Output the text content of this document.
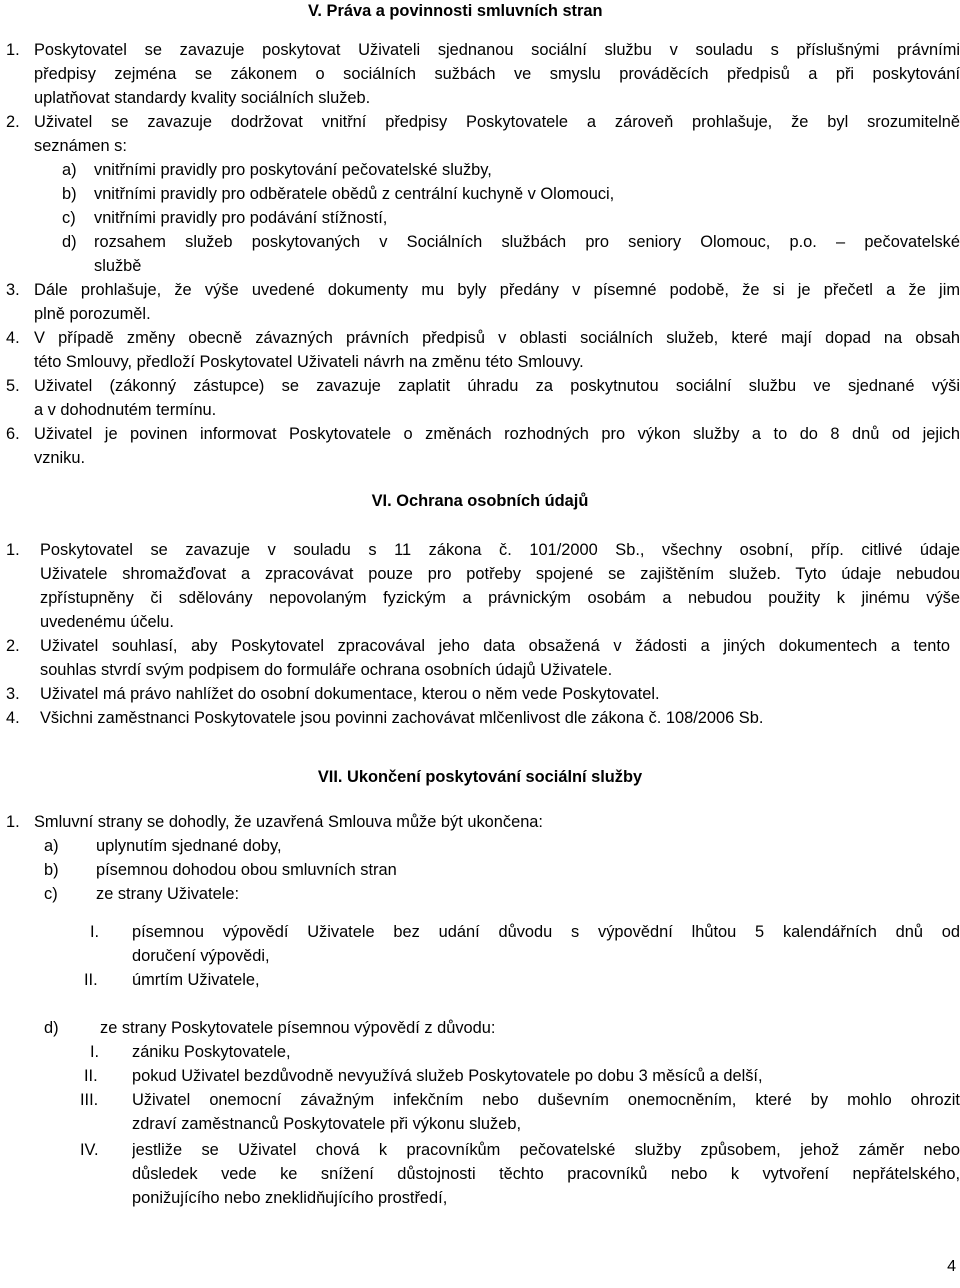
V. Práva a povinnosti smluvních stran
1. Poskytovatel se zavazuje poskytovat Uživateli sjednanou sociální službu v souladu s příslušnými právními
předpisy zejména se zákonem o sociálních sužbách ve smyslu prováděcích předpisů a při poskytování
uplatňovat standardy kvality sociálních služeb.
2. Uživatel se zavazuje dodržovat vnitřní předpisy Poskytovatele a zároveň prohlašuje, že byl srozumitelně
seznámen s:
a) vnitřními pravidly pro poskytování pečovatelské služby,
b) vnitřními pravidly pro odběratele obědů z centrální kuchyně v Olomouci,
c) vnitřními pravidly pro podávání stížností,
d) rozsahem služeb poskytovaných v Sociálních službách pro seniory Olomouc, p.o. – pečovatelské
službě
3. Dále prohlašuje, že výše uvedené dokumenty mu byly předány v písemné podobě, že si je přečetl a že jim
plně porozuměl.
4. V případě změny obecně závazných právních předpisů v oblasti sociálních služeb, které mají dopad na obsah
této Smlouvy, předloží Poskytovatel Uživateli návrh na změnu této Smlouvy.
5. Uživatel (zákonný zástupce) se zavazuje zaplatit úhradu za poskytnutou sociální službu ve sjednané výši
a v dohodnutém termínu.
6. Uživatel je povinen informovat Poskytovatele o změnách rozhodných pro výkon služby a to do 8 dnů od jejich
vzniku.
VI. Ochrana osobních údajů
1. Poskytovatel se zavazuje v souladu s 11 zákona č. 101/2000 Sb., všechny osobní, příp. citlivé údaje
Uživatele shromažďovat a zpracovávat pouze pro potřeby spojené se zajištěním služeb. Tyto údaje nebudou
zpřístupněny či sdělovány nepovolaným fyzickým a právnickým osobám a nebudou použity k jinému výše
uvedenému účelu.
2. Uživatel souhlasí, aby Poskytovatel zpracovával jeho data obsažená v žádosti a jiných dokumentech a tento
souhlas stvrdí svým podpisem do formuláře ochrana osobních údajů Uživatele.
3. Uživatel má právo nahlížet do osobní dokumentace, kterou o něm vede Poskytovatel.
4. Všichni zaměstnanci Poskytovatele jsou povinni zachovávat mlčenlivost dle zákona č. 108/2006 Sb.
VII. Ukončení poskytování sociální služby
1. Smluvní strany se dohodly, že uzavřená Smlouva může být ukončena:
a) uplynutím sjednané doby,
b) písemnou dohodou obou smluvních stran
c) ze strany Uživatele:
I. písemnou výpovědí Uživatele bez udání důvodu s výpovědní lhůtou 5 kalendářních dnů od
doručení výpovědi,
II. úmrtím Uživatele,
d)	ze strany Poskytovatele písemnou výpovědí z důvodu:
I. zániku Poskytovatele,
II. pokud Uživatel bezdůvodně nevyužívá služeb Poskytovatele po dobu 3 měsíců a delší,
III. Uživatel onemocní závažným infekčním nebo duševním onemocněním, které by mohlo ohrozit
zdraví zaměstnanců Poskytovatele při výkonu služeb,
IV. jestliže se Uživatel chová k pracovníkům pečovatelské služby způsobem, jehož záměr nebo
důsledek vede ke snížení důstojnosti těchto pracovníků nebo k vytvoření nepřátelského,
ponižujícího nebo zneklidňujícího prostředí,
4
